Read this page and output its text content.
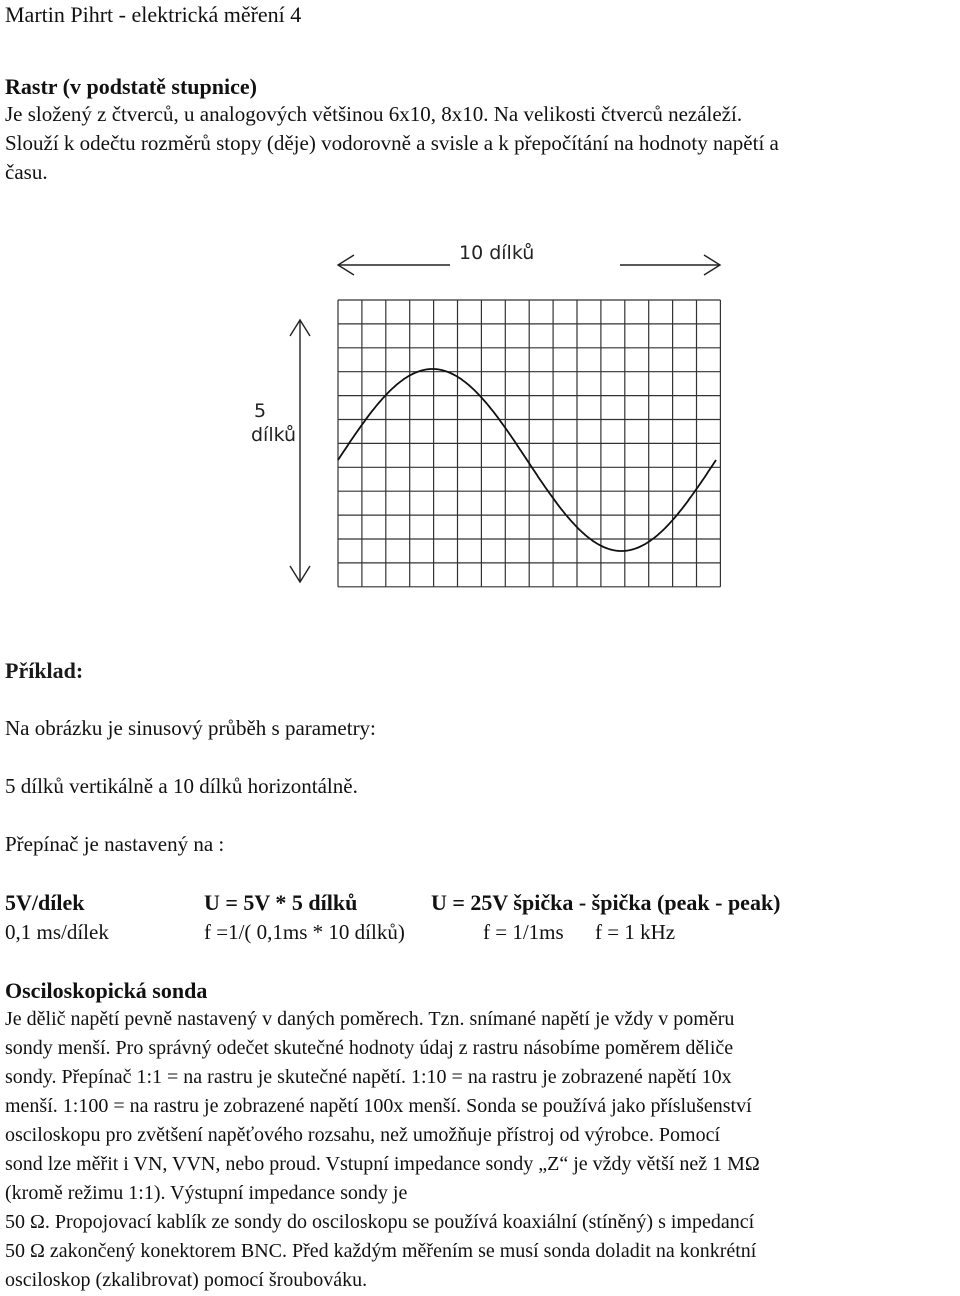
Martin Pihrt - elektrická měření 4
Rastr (v podstatě stupnice)
Je složený z čtverců, u analogových většinou 6x10, 8x10. Na velikosti čtverců nezáleží.
Slouží k odečtu rozměrů stopy (děje) vodorovně a svisle a k přepočítání na hodnoty napětí a
času.
10 dílků
5
dílků
Příklad:
Na obrázku je sinusový průběh s parametry:
5 dílků vertikálně a 10 dílků horizontálně.
Přepínač je nastavený na :
5V/dílek	U = 5V * 5 dílků	U = 25V špička - špička (peak - peak)
0,1 ms/dílek	f =1/( 0,1ms * 10 dílků)	f = 1/1ms f = 1 kHz
Osciloskopická sonda
Je dělič napětí pevně nastavený v daných poměrech. Tzn. snímané napětí je vždy v poměru
sondy menší. Pro správný odečet skutečné hodnoty údaj z rastru násobíme poměrem děliče
sondy. Přepínač 1:1 = na rastru je skutečné napětí. 1:10 = na rastru je zobrazené napětí 10x
menší. 1:100 = na rastru je zobrazené napětí 100x menší. Sonda se používá jako příslušenství
osciloskopu pro zvětšení napěťového rozsahu, než umožňuje přístroj od výrobce. Pomocí
sond lze měřit i VN, VVN, nebo proud. Vstupní impedance sondy „Z“ je vždy větší než 1 MΩ
(kromě režimu 1:1). Výstupní impedance sondy je
50 Ω. Propojovací kablík ze sondy do osciloskopu se používá koaxiální (stíněný) s impedancí
50 Ω zakončený konektorem BNC. Před každým měřením se musí sonda doladit na konkrétní
osciloskop (zkalibrovat) pomocí šroubováku.
